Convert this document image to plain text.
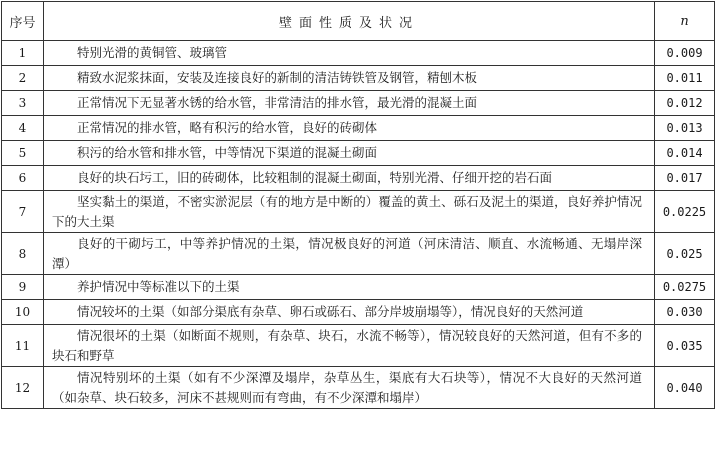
序号	壁面性质及状况	n
1	特别光滑的黄铜管、玻璃管	0.009
2	精致水泥浆抹面，安装及连接良好的新制的清洁铸铁管及钢管，精刨木板	0.011
3	正常情况下无显著水锈的给水管，非常清洁的排水管，最光滑的混凝土面	0.012
4	正常情况的排水管，略有积污的给水管，良好的砖砌体	0.013
5	积污的给水管和排水管，中等情况下渠道的混凝土砌面	0.014
6	良好的块石圬工，旧的砖砌体，比较粗制的混凝土砌面，特别光滑、仔细开挖的岩石面	0.017
7	坚实黏土的渠道，不密实淤泥层（有的地方是中断的）覆盖的黄土、砾石及泥土的渠道，良好养护情况下的大土渠	0.0225
8	良好的干砌圬工，中等养护情况的土渠，情况极良好的河道（河床清洁、顺直、水流畅通、无塌岸深潭）	0.025
9	养护情况中等标准以下的土渠	0.0275
10	情况较坏的土渠（如部分渠底有杂草、卵石或砾石、部分岸坡崩塌等），情况良好的天然河道	0.030
11	情况很坏的土渠（如断面不规则，有杂草、块石，水流不畅等），情况较良好的天然河道，但有不多的块石和野草	0.035
12	情况特别坏的土渠（如有不少深潭及塌岸，杂草丛生，渠底有大石块等），情况不大良好的天然河道（如杂草、块石较多，河床不甚规则而有弯曲，有不少深潭和塌岸）	0.040
